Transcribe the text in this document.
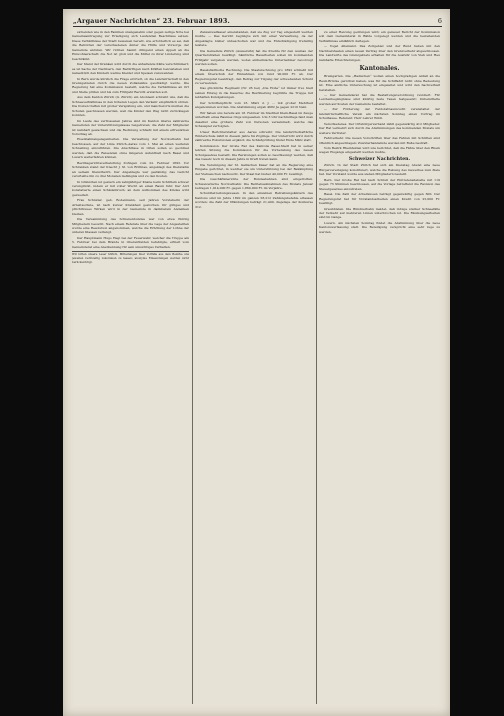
„Argauer Nachrichten“ 23. Februar 1893.	6

sichenden wie in den Familien unangenehm oder gegen zeitige Nöte bei Gemeinsamtragung zur Erledigung sich Laufenden Beschlüsse setzen. Diese Verhältnisse der Stadt beweisen beredt, wie erforderlich es sei, daß die Behörden der verschiedenen Ämter die Hülfe und Vorsorge der Gemeinde anrufen. Wir richten hiemit dringend einen Appell an die Einwohnerschaft; die Not ist groß und die Mittel zu ihrer Linderung sind beschränkt.

Der Stand der Kranken wird durch die anhaltende Kälte verschlimmert; es ist Sache der Nachbarn, den Bedürftigen nach Kräften beizustehen und namentlich den Kindern warme Kleider und Speisen zuzuwenden.

In Bern wurde kürzlich die Frage erörtert, ob die Landwirtschaft in den Grenzgebieten durch die neuen Zollansätze geschädigt werde. Die Regierung hat eine Kommission bestellt, welche die Verhältnisse an Ort und Stelle prüfen und bis zum Frühjahr Bericht erstatten soll.

Aus dem Kanton Zürich (G. Zürich) ein Abonnent schreibt uns, daß die Schneeverhältnisse in den höheren Lagen den Verkehr empfindlich stören. Die Posten treffen mit großer Verspätung ein, und mancherorts mußten die Schulen geschlossen werden, weil die Kinder den Weg nicht zurücklegen konnten.

Im Laufe des verflossenen Jahres sind im Kanton Glarus zahlreiche Gemeinden der Unterstützungskasse beigetreten; die Zahl der Mitglieder ist namhaft gewachsen und die Rechnung schließt mit einem erfreulichen Vorschlag ab.

Eisenbahnangelegenheiten. Die Verwaltung der Nordostbahn hat beschlossen, auf der Linie Zürich–Aarau vom 1. Mai an einen weiteren Schnellzug einzuführen. Die Anschlüsse in Olten sollen so geordnet werden, daß die Reisenden ohne längeren Aufenthalt nach Basel und Luzern weiterfahren können.

Bezirksgerichtsverhandlung Zofingen vom 22. Februar 1893. Vor Schranken stand der Knecht J. St. von Brittnau, angeklagt des Diebstahls an seinem Dienstherrn. Der Angeklagte war geständig; das Gericht verurteilte ihn zu drei Monaten Gefängnis und zu den Kosten.

In Gränichen ist gestern ein zehnjähriger Knabe beim Schlitteln schwer verunglückt, indem er mit voller Wucht an einen Baum fuhr. Der Arzt konstatierte einen Schädelbruch; an dem Aufkommen des Kindes wird gezweifelt.

Frau Schnider, geb. Bodenmann, seit Jahren Vorsteherin der Arbeitsschule, ist nach kurzer Krankheit gestorben. Ihr gütiges und pflichttreues Wirken wird in der Gemeinde in dankbarem Andenken bleiben.

Die Versammlung des Schienenbundes war von etwa fünfzig Mitgliedern besucht. Nach einem Referate über die Lage der Angestellten wurde eine Resolution angenommen, welche die Erhöhung der Löhne der unteren Klassen verlangt.

Der Hauptmann Hugo Hegi bei der Feuerwehr, welcher die Truppe am 5. Februar bei dem Brande in Oberentfelden befehligte, erhielt vom Gemeinderat eine Anerkennung für sein umsichtiges Verhalten.

Wir bitten unsere Leser höflich, Mitteilungen über Vorfälle aus dem Bezirke uns jeweilen rechtzeitig zukommen zu lassen; anonyme Einsendungen werden nicht berücksichtigt.

Zanzenwalfasser einenstanden, daß sie Zug vor Tag eingestellt werden mußte. — Das Gericht begnügte sich mit einer Verwarnung, da der Angeklagte bisher unbescholten war und die Entschädigung freiwillig leistete.

Die Gemeinde Zürich (Aussersihl) hat die Kredite für den Ausbau der Quartierstraßen bewilligt. Sämtliche Bauarbeiten sollen im kommenden Frühjahr vergeben werden, wobei einheimische Unternehmer bevorzugt werden sollen.

Baselstädtische Rechnung. Die Staatsrechnung pro 1892 schließt mit einem Überschuß der Einnahmen von rund 90,000 Fr. ab. Der Regierungsrat beantragt, den Betrag zur Tilgung der schwebenden Schuld zu verwenden.

Das glückliche Regiment (Nr. 26 bei) „Die Hohe“ ist immer frei, hielt seinen Einzug in die Kaserne; die Bevölkerung begrüßte die Truppe mit lebhaften Kundgebungen.

Der Schöffenpflicht vom 23. März d. J. ... mit großer Mehrheit angenommen worden. Die Abstimmung ergab 4682 Ja gegen 2210 Nein.

Wir haben uns bereits am 18. Februar im Stadtteil Klein-Basel im Zeuge unterhalb eines Baumes rings umgesehen. Um 3 Uhr nachmittags fand man daselbst eine größere Zahl von Personen versammelt, welche das Schauspiel verfolgten.

Unser Berichterstatter aus Aarau schreibt: Die landwirtschaftliche Winterschule zählt in diesem Jahre 64 Zöglinge. Der Unterricht wird durch zahlreiche Exkursionen ergänzt; die Schlußprüfung findet Ende März statt.

Kommission. Der Große Rat des Kantons Basel-Stadt hat in seiner letzten Sitzung die Kommission für die Vorberatung des neuen Schulgesetzes bestellt. Die Beratungen sollen so beschleunigt werden, daß das Gesetz noch in diesem Jahre in Kraft treten kann.

Die Vereinigung der St. Gallischen Käser hat an die Regierung eine Eingabe gerichtet, in welcher sie um Unterstützung bei der Bekämpfung der Viehseuchen nachsucht. Der Staat hat bisher 40,000 Fr. bewilligt.

Die Geschäftsberichte der Bundesbahnen sind eingetroffen. Schweizerische Nordostbahn: Die Betriebseinnahmen des Monats Januar betragen 1,914,000 Fr. gegen 1,860,000 Fr. im Vorjahre.

Schuldbetreibungswesen. In den einzelnen Betreibungsämtern des Kantons sind im Jahre 1892 im ganzen 58,212 Zahlungsbefehle erlassen worden; die Zahl der Pfändungen beträgt 21,400, diejenige der Konkurse 312.

zu einer Heizung gedrungen wird; ein genauer Bericht der Kommission soll dem Gemeinderat in Bälde vorgelegt werden und die bestehenden Verhältnisse einläßlich darlegen.

— Vogel Allemand. Das Zollgebiet und der Bund haben mit den Nachbarstaaten einen neuen Vertrag über den Grenzverkehr abgeschlossen. Die Landwirte des Grenzgebiets erhalten für die Ausfuhr von Vieh und Heu namhafte Erleichterungen.

Kantonales.

Bremgarten. Die „Badischen“ wollen einen hochgradigen Anfall an die Reuß-Brücke gerichtet haben, was für die Schiffahrt nicht ohne Bedeutung ist. Eine amtliche Untersuchung ist eingeleitet und wird den Sachverhalt feststellen.

— Der Gemeinderat hat die Bestattungsverordnung revidiert. Für Leichenbegängnisse sind künftig feste Taxen festgesetzt; Unbemittelte werden auf Kosten der Gemeinde bestattet.

— Zur Förderung der Feldobstbaumzucht veranstaltet der landwirtschaftliche Verein am nächsten Sonntag einen Vortrag im Schulhause. Referent: Herr Lehrer Wildi.

Verschiedenes. Der Ortsbürgerverband zählt gegenwärtig 412 Mitglieder. Der Rat vermehrt sich durch die Abstimmungen des kommenden Monats um weitere Vertreter.

Fahrverkehr. Die neuen Vorschriften über das Fahren mit Schlitten sind öffentlich angeschlagen; Zuwiderhandelnde werden mit Buße bestraft.

Vom Bezirk Rheinfelden wird uns berichtet, daß die Fähre über den Rhein wegen Eisgangs eingestellt werden mußte.

Schweizer Nachrichten.

Zürich. In der Stadt Zürich hat sich am Dienstag Abend eine neue Bürgervereinigung konstituiert, welche die Hebung des Gewerbes zum Ziele hat. Der Vorstand wurde aus sieben Mitgliedern bestellt.

Bern. Der Große Rat hat nach Schluß der Eintretensdebatte mit 119 gegen 73 Stimmen beschlossen, auf die Vorlage betreffend die Revision des Steuergesetzes einzutreten.

Basel. Die Zahl der Arbeitslosen beträgt gegenwärtig gegen 600. Der Regierungsrat hat für Notstandsarbeiten einen Kredit von 25,000 Fr. bewilligt.

Graubünden. Die Bündnerbahn meldet, daß infolge starker Schneefälle der Verkehr auf mehreren Linien unterbrochen ist. Die Räumungsarbeiten sind im Gange.

Luzern. Am nächsten Sonntag findet die Abstimmung über die neue Kantonsverfassung statt. Die Beteiligung verspricht eine sehr rege zu werden.
